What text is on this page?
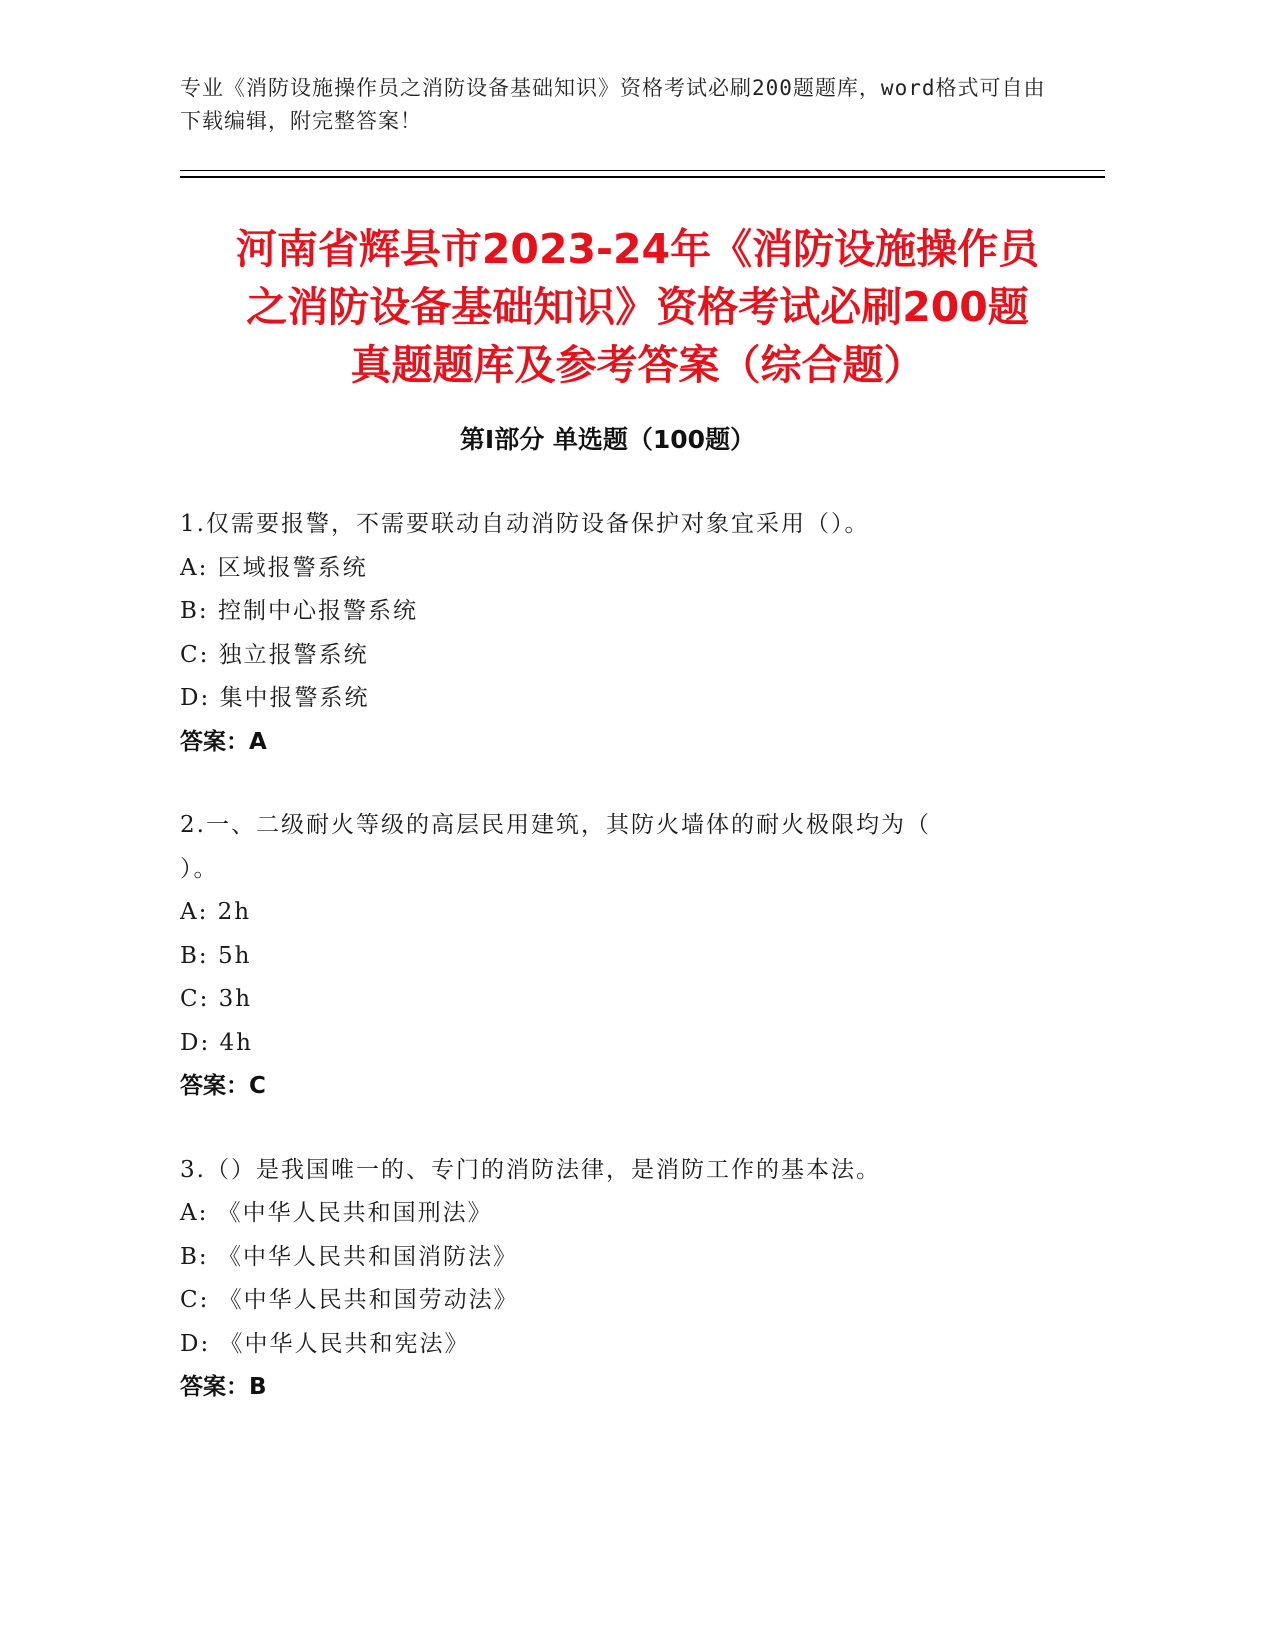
专业《消防设施操作员之消防设备基础知识》资格考试必刷200题题库，word格式可自由下载编辑，附完整答案！
河南省辉县市2023-24年《消防设施操作员
之消防设备基础知识》资格考试必刷200题
真题题库及参考答案（综合题）
第Ⅰ部分 单选题（100题）
1.仅需要报警，不需要联动自动消防设备保护对象宜采用（）。
A: 区域报警系统
B: 控制中心报警系统
C: 独立报警系统
D: 集中报警系统
答案：A
2.一、二级耐火等级的高层民用建筑，其防火墙体的耐火极限均为（
）。
A: 2h
B: 5h
C: 3h
D: 4h
答案：C
3.（）是我国唯一的、专门的消防法律，是消防工作的基本法。
A: 《中华人民共和国刑法》
B: 《中华人民共和国消防法》
C: 《中华人民共和国劳动法》
D: 《中华人民共和宪法》
答案：B
